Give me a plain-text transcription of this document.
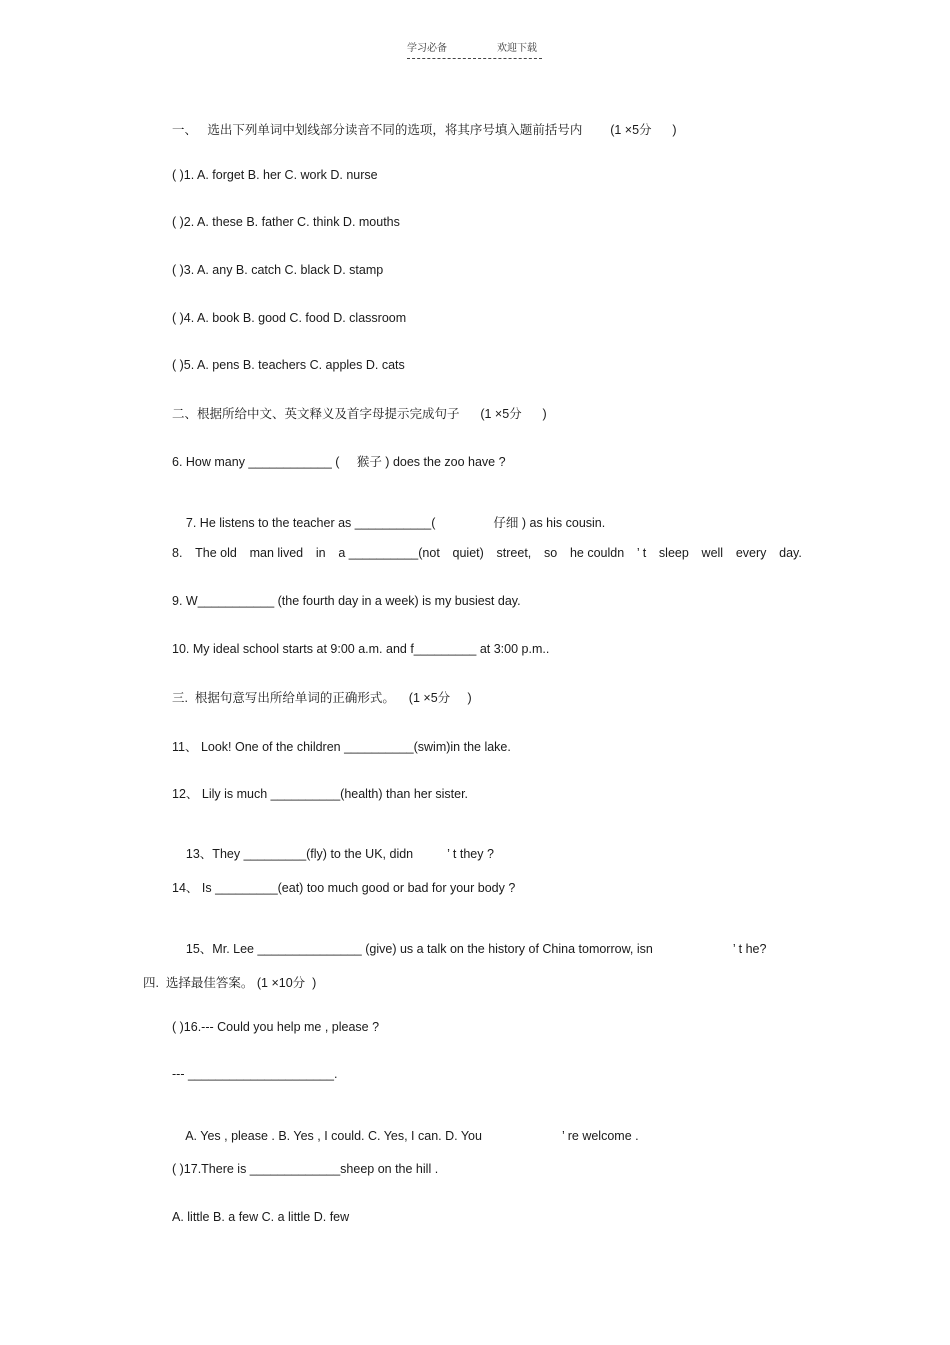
学习必备	欢迎下载
一、   选出下列单词中划线部分读音不同的选项，将其序号填入题前括号内        (1 ×5分      )
( )1. A. forget B. her C. work D. nurse
( )2. A. these B. father C. think D. mouths
( )3. A. any B. catch C. black D. stamp
( )4. A. book B. good C. food D. classroom
( )5. A. pens B. teachers C. apples D. cats
二、根据所给中文、英文释义及首字母提示完成句子      (1 ×5分      )
6. How many ____________ (     猴子 ) does the zoo have ?

7. He listens to the teacher as ___________(	仔细 ) as his cousin.

8. The old man lived in a __________(not quiet) street, so he couldn ’ t sleep well every day.
9. W___________ (the fourth day in a week) is my busiest day.
10. My ideal school starts at 9:00 a.m. and f_________ at 3:00 p.m..
三.  根据句意写出所给单词的正确形式。    (1 ×5分     )
11、 Look! One of the children __________(swim)in the lake.
12、 Lily is much __________(health) than her sister.

13、They _________(fly) to the UK, didn	’ t they ?

14、 Is _________(eat) too much good or bad for your body ?

15、Mr. Lee _______________ (give) us a talk on the history of China tomorrow, isn	’ t he?

四.  选择最佳答案。 (1 ×10分  )
( )16.--- Could you help me , please ?
--- _____________________.

A. Yes , please . B. Yes , I could. C. Yes, I can. D. You	’ re welcome .

( )17.There is _____________sheep on the hill .
A. little B. a few C. a little D. few
